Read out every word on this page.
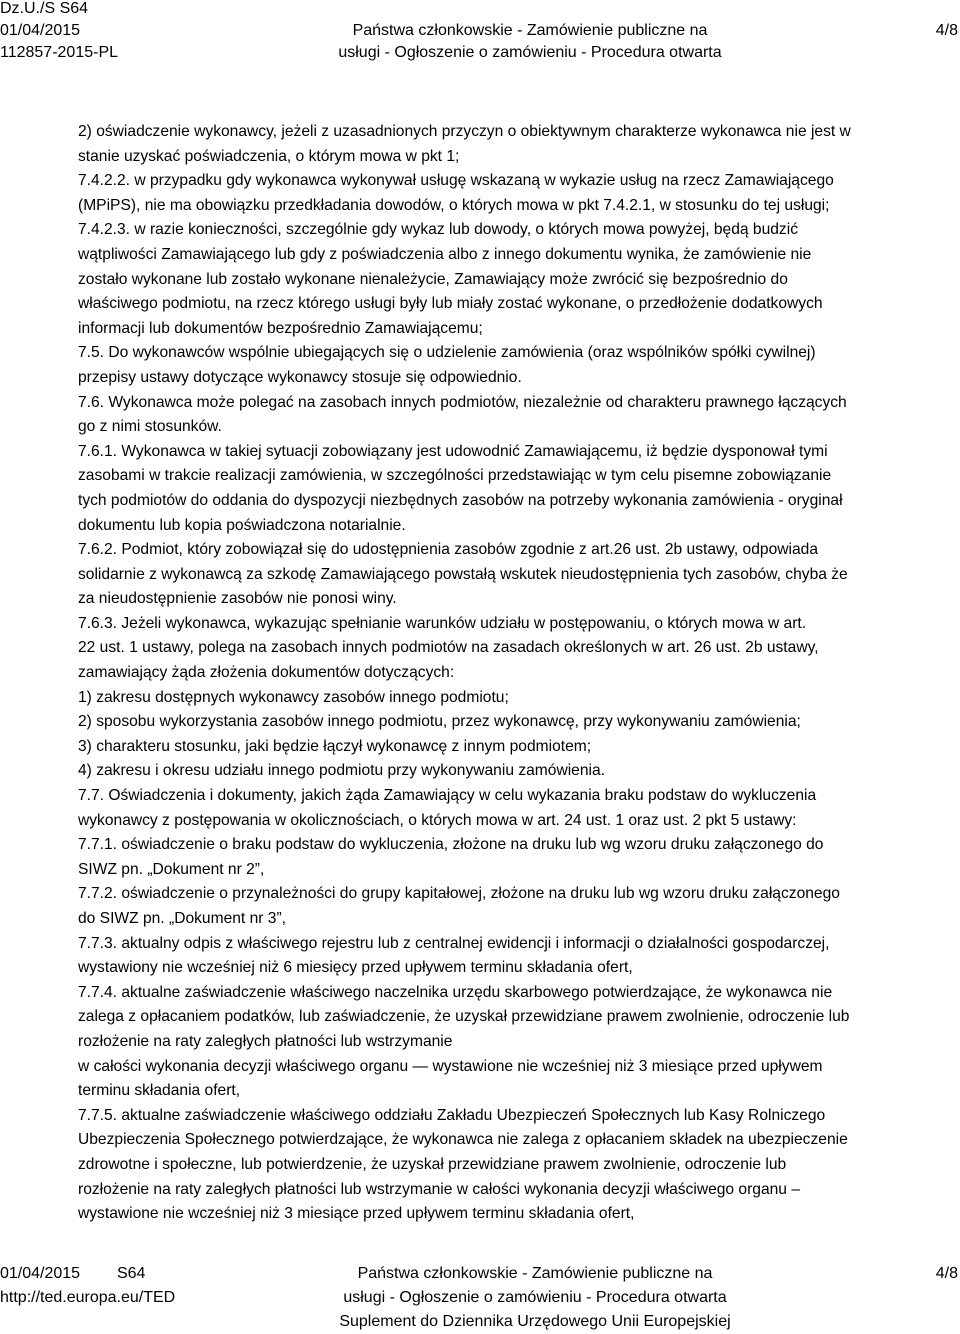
Dz.U./S S64
01/04/2015
112857-2015-PL
Państwa członkowskie - Zamówienie publiczne na
usługi - Ogłoszenie o zamówieniu - Procedura otwarta
4/8
2) oświadczenie wykonawcy, jeżeli z uzasadnionych przyczyn o obiektywnym charakterze wykonawca nie jest w
stanie uzyskać poświadczenia, o którym mowa w pkt 1;
7.4.2.2. w przypadku gdy wykonawca wykonywał usługę wskazaną w wykazie usług na rzecz Zamawiającego
(MPiPS), nie ma obowiązku przedkładania dowodów, o których mowa w pkt 7.4.2.1, w stosunku do tej usługi;
7.4.2.3. w razie konieczności, szczególnie gdy wykaz lub dowody, o których mowa powyżej, będą budzić
wątpliwości Zamawiającego lub gdy z poświadczenia albo z innego dokumentu wynika, że zamówienie nie
zostało wykonane lub zostało wykonane nienależycie, Zamawiający może zwrócić się bezpośrednio do
właściwego podmiotu, na rzecz którego usługi były lub miały zostać wykonane, o przedłożenie dodatkowych
informacji lub dokumentów bezpośrednio Zamawiającemu;
7.5. Do wykonawców wspólnie ubiegających się o udzielenie zamówienia (oraz wspólników spółki cywilnej)
przepisy ustawy dotyczące wykonawcy stosuje się odpowiednio.
7.6. Wykonawca może polegać na zasobach innych podmiotów, niezależnie od charakteru prawnego łączących
go z nimi stosunków.
7.6.1. Wykonawca w takiej sytuacji zobowiązany jest udowodnić Zamawiającemu, iż będzie dysponował tymi
zasobami w trakcie realizacji zamówienia, w szczególności przedstawiając w tym celu pisemne zobowiązanie
tych podmiotów do oddania do dyspozycji niezbędnych zasobów na potrzeby wykonania zamówienia - oryginał
dokumentu lub kopia poświadczona notarialnie.
7.6.2. Podmiot, który zobowiązał się do udostępnienia zasobów zgodnie z art.26 ust. 2b ustawy, odpowiada
solidarnie z wykonawcą za szkodę Zamawiającego powstałą wskutek nieudostępnienia tych zasobów, chyba że
za nieudostępnienie zasobów nie ponosi winy.
7.6.3. Jeżeli wykonawca, wykazując spełnianie warunków udziału w postępowaniu, o których mowa w art.
22 ust. 1 ustawy, polega na zasobach innych podmiotów na zasadach określonych w art. 26 ust. 2b ustawy,
zamawiający żąda złożenia dokumentów dotyczących:
1) zakresu dostępnych wykonawcy zasobów innego podmiotu;
2) sposobu wykorzystania zasobów innego podmiotu, przez wykonawcę, przy wykonywaniu zamówienia;
3) charakteru stosunku, jaki będzie łączył wykonawcę z innym podmiotem;
4) zakresu i okresu udziału innego podmiotu przy wykonywaniu zamówienia.
7.7. Oświadczenia i dokumenty, jakich żąda Zamawiający w celu wykazania braku podstaw do wykluczenia
wykonawcy z postępowania w okolicznościach, o których mowa w art. 24 ust. 1 oraz ust. 2 pkt 5 ustawy:
7.7.1. oświadczenie o braku podstaw do wykluczenia, złożone na druku lub wg wzoru druku załączonego do
SIWZ pn. „Dokument nr 2”,
7.7.2. oświadczenie o przynależności do grupy kapitałowej, złożone na druku lub wg wzoru druku załączonego
do SIWZ pn. „Dokument nr 3”,
7.7.3. aktualny odpis z właściwego rejestru lub z centralnej ewidencji i informacji o działalności gospodarczej,
wystawiony nie wcześniej niż 6 miesięcy przed upływem terminu składania ofert,
7.7.4. aktualne zaświadczenie właściwego naczelnika urzędu skarbowego potwierdzające, że wykonawca nie
zalega z opłacaniem podatków, lub zaświadczenie, że uzyskał przewidziane prawem zwolnienie, odroczenie lub
rozłożenie na raty zaległych płatności lub wstrzymanie
w całości wykonania decyzji właściwego organu — wystawione nie wcześniej niż 3 miesiące przed upływem
terminu składania ofert,
7.7.5. aktualne zaświadczenie właściwego oddziału Zakładu Ubezpieczeń Społecznych lub Kasy Rolniczego
Ubezpieczenia Społecznego potwierdzające, że wykonawca nie zalega z opłacaniem składek na ubezpieczenie
zdrowotne i społeczne, lub potwierdzenie, że uzyskał przewidziane prawem zwolnienie, odroczenie lub
rozłożenie na raty zaległych płatności lub wstrzymanie w całości wykonania decyzji właściwego organu –
wystawione nie wcześniej niż 3 miesiące przed upływem terminu składania ofert,
01/04/2015 S64
http://ted.europa.eu/TED
Państwa członkowskie - Zamówienie publiczne na
usługi - Ogłoszenie o zamówieniu - Procedura otwarta
Suplement do Dziennika Urzędowego Unii Europejskiej
4/8
